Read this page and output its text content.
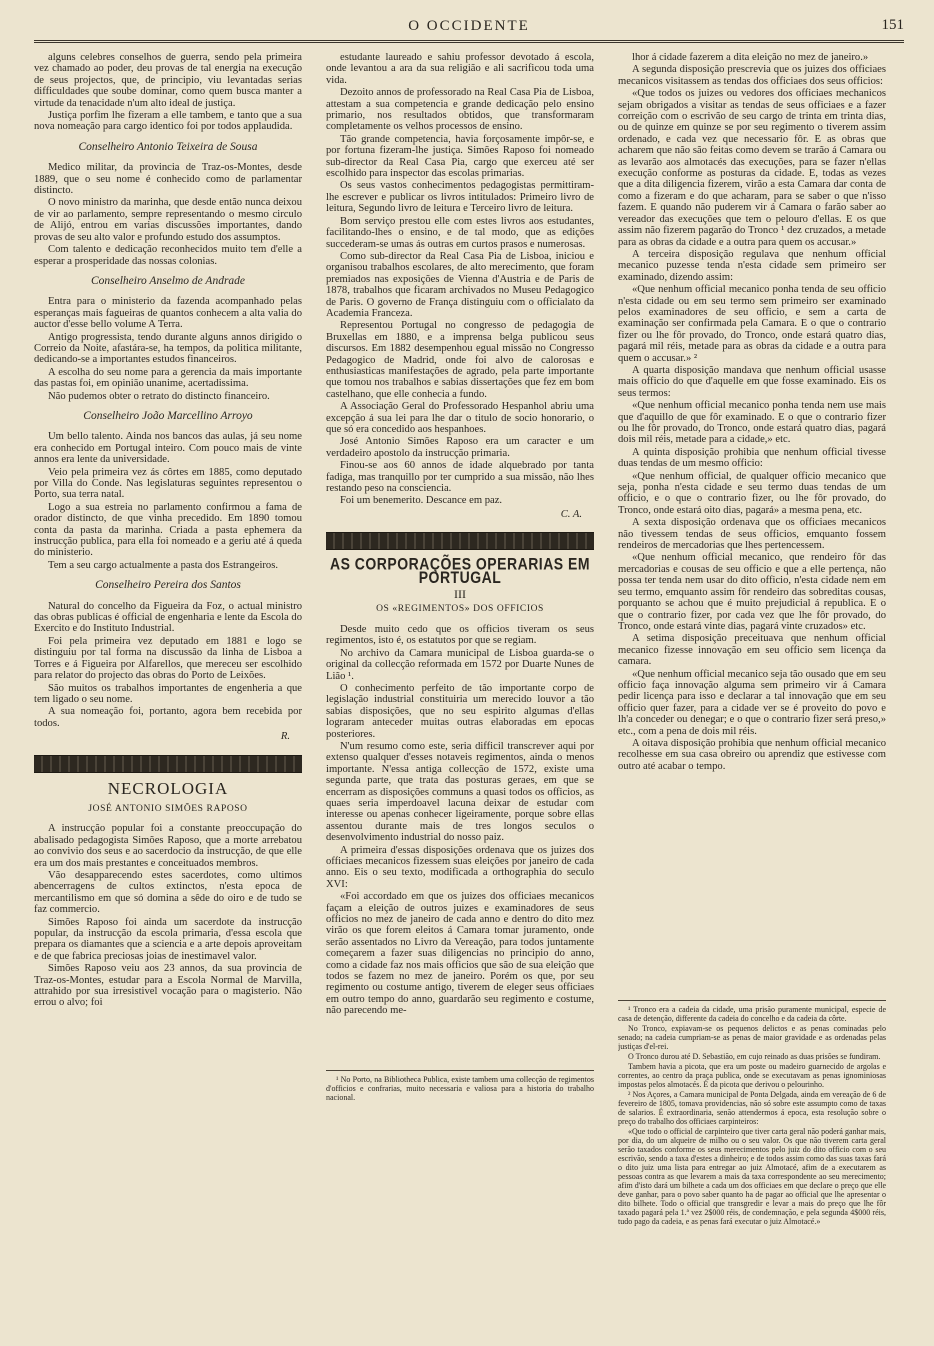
O OCCIDENTE	151

alguns celebres conselhos de guerra, sendo pela primeira vez chamado ao poder, deu provas de tal energia na execução de seus projectos, que, de principio, viu levantadas serias difficuldades que soube dominar, como quem busca manter a virtude da tenacidade n'um alto ideal de justiça.

Justiça porfim lhe fizeram a elle tambem, e tanto que a sua nova nomeação para cargo identico foi por todos applaudida.

Conselheiro Antonio Teixeira de Sousa

Medico militar, da provincia de Traz-os-Montes, desde 1889, que o seu nome é conhecido como de parlamentar distincto.

O novo ministro da marinha, que desde então nunca deixou de vir ao parlamento, sempre representando o mesmo circulo de Alijó, entrou em varias discussões importantes, dando provas de seu alto valor e profundo estudo dos assumptos.

Com talento e dedicação reconhecidos muito tem d'elle a esperar a prosperidade das nossas colonias.

Conselheiro Anselmo de Andrade

Entra para o ministerio da fazenda acompanhado pelas esperanças mais fagueiras de quantos conhecem a alta valia do auctor d'esse bello volume A Terra.

Antigo progressista, tendo durante alguns annos dirigido o Correio da Noite, afastára-se, ha tempos, da politica militante, dedicando-se a importantes estudos financeiros.

A escolha do seu nome para a gerencia da mais importante das pastas foi, em opinião unanime, acertadissima.

Não pudemos obter o retrato do distincto financeiro.

Conselheiro João Marcellino Arroyo

Um bello talento. Ainda nos bancos das aulas, já seu nome era conhecido em Portugal inteiro. Com pouco mais de vinte annos era lente da universidade.

Veio pela primeira vez ás côrtes em 1885, como deputado por Villa do Conde. Nas legislaturas seguintes representou o Porto, sua terra natal.

Logo a sua estreia no parlamento confirmou a fama de orador distincto, de que vinha precedido. Em 1890 tomou conta da pasta da marinha. Criada a pasta ephemera da instrucção publica, para ella foi nomeado e a geriu até á queda do ministerio.

Tem a seu cargo actualmente a pasta dos Estrangeiros.

Conselheiro Pereira dos Santos

Natural do concelho da Figueira da Foz, o actual ministro das obras publicas é official de engenharia e lente da Escola do Exercito e do Instituto Industrial.

Foi pela primeira vez deputado em 1881 e logo se distinguiu por tal forma na discussão da linha de Lisboa a Torres e á Figueira por Alfarellos, que mereceu ser escolhido para relator do projecto das obras do Porto de Leixões.

São muitos os trabalhos importantes de engenheria a que tem ligado o seu nome.

A sua nomeação foi, portanto, agora bem recebida por todos.

R.
NECROLOGIA
JOSÉ ANTONIO SIMÕES RAPOSO

A instrucção popular foi a constante preoccupação do abalisado pedagogista Simões Raposo, que a morte arrebatou ao convivio dos seus e ao sacerdocio da instrucção, de que elle era um dos mais prestantes e conceituados membros.

Vão desapparecendo estes sacerdotes, como ultimos abencerragens de cultos extinctos, n'esta epoca de mercantilismo em que só domina a sêde do oiro e de tudo se faz commercio.

Simões Raposo foi ainda um sacerdote da instrucção popular, da instrucção da escola primaria, d'essa escola que prepara os diamantes que a sciencia e a arte depois aproveitam e de que fabrica preciosas joias de inestimavel valor.

Simões Raposo veiu aos 23 annos, da sua provincia de Traz-os-Montes, estudar para a Escola Normal de Marvilla, attrahido por sua irresistivel vocação para o magisterio. Não errou o alvo; foi

estudante laureado e sahiu professor devotado á escola, onde levantou a ara da sua religião e ali sacrificou toda uma vida.

Dezoito annos de professorado na Real Casa Pia de Lisboa, attestam a sua competencia e grande dedicação pelo ensino primario, nos resultados obtidos, que transformaram completamente os velhos processos de ensino.

Tão grande competencia, havia forçosamente impôr-se, e por fortuna fizeram-lhe justiça. Simões Raposo foi nomeado sub-director da Real Casa Pia, cargo que exerceu até ser escolhido para inspector das escolas primarias.

Os seus vastos conhecimentos pedagogistas permittiram-lhe escrever e publicar os livros intitulados: Primeiro livro de leitura, Segundo livro de leitura e Terceiro livro de leitura.

Bom serviço prestou elle com estes livros aos estudantes, facilitando-lhes o ensino, e de tal modo, que as edições succederam-se umas ás outras em curtos prasos e numerosas.

Como sub-director da Real Casa Pia de Lisboa, iniciou e organisou trabalhos escolares, de alto merecimento, que foram premiados nas exposições de Vienna d'Austria e de Paris de 1878, trabalhos que ficaram archivados no Museu Pedagogico de Paris. O governo de França distinguiu com o officialato da Academia Franceza.

Representou Portugal no congresso de pedagogia de Bruxellas em 1880, e a imprensa belga publicou seus discursos. Em 1882 desempenhou egual missão no Congresso Pedagogico de Madrid, onde foi alvo de calorosas e enthusiasticas manifestações de agrado, pela parte importante que tomou nos trabalhos e sabias dissertações que fez em bom castelhano, que elle conhecia a fundo.

A Associação Geral do Professorado Hespanhol abriu uma excepção á sua lei para lhe dar o titulo de socio honorario, o que só era concedido aos hespanhoes.

José Antonio Simões Raposo era um caracter e um verdadeiro apostolo da instrucção primaria.

Finou-se aos 60 annos de idade alquebrado por tanta fadiga, mas tranquillo por ter cumprido a sua missão, não lhes restando peso na consciencia.

Foi um benemerito. Descance em paz.

C. A.
AS CORPORAÇÕES OPERARIAS EM PORTUGAL
III
OS «REGIMENTOS» DOS OFFICIOS

Desde muito cedo que os officios tiveram os seus regimentos, isto é, os estatutos por que se regiam.

No archivo da Camara municipal de Lisboa guarda-se o original da collecção reformada em 1572 por Duarte Nunes de Lião ¹.

O conhecimento perfeito de tão importante corpo de legislação industrial constituiria um merecido louvor a tão sabias disposições, que no seu espirito algumas d'ellas lograram anteceder muitas outras elaboradas em epocas posteriores.

N'um resumo como este, seria difficil transcrever aqui por extenso qualquer d'esses notaveis regimentos, ainda o menos importante. N'essa antiga collecção de 1572, existe uma segunda parte, que trata das posturas geraes, em que se encerram as disposições communs a quasi todos os officios, as quaes seria imperdoavel lacuna deixar de estudar com interesse ou apenas conhecer ligeiramente, porque sobre ellas assentou durante mais de tres longos seculos o desenvolvimento industrial do nosso paiz.

A primeira d'essas disposições ordenava que os juizes dos officiaes mecanicos fizessem suas eleições por janeiro de cada anno. Eis o seu texto, modificada a orthographia do seculo XVI:

«Foi accordado em que os juizes dos officiaes mecanicos façam a eleição de outros juizes e examinadores de seus officios no mez de janeiro de cada anno e dentro do dito mez virão os que forem eleitos á Camara tomar juramento, onde serão assentados no Livro da Vereação, para todos juntamente começarem a fazer suas diligencias no principio do anno, como a cidade faz nos mais officios que são de sua eleição que todos se fazem no mez de janeiro. Porém os que, por seu regimento ou costume antigo, tiverem de eleger seus officiaes em outro tempo do anno, guardarão seu regimento e costume, não parecendo me-

¹ No Porto, na Bibliotheca Publica, existe tambem uma collecção de regimentos d'officios e confrarias, muito necessaria e valiosa para a historia do trabalho nacional.

lhor á cidade fazerem a dita eleição no mez de janeiro.»

A segunda disposição prescrevia que os juizes dos officiaes mecanicos visitassem as tendas dos officiaes dos seus officios:

«Que todos os juizes ou vedores dos officiaes mechanicos sejam obrigados a visitar as tendas de seus officiaes e a fazer correição com o escrivão de seu cargo de trinta em trinta dias, ou de quinze em quinze se por seu regimento o tiverem assim ordenado, e cada vez que necessario fôr. E as obras que acharem que não são feitas como devem se trarão á Camara ou as levarão aos almotacés das execuções, para se fazer n'ellas execução conforme as posturas da cidade. E, todas as vezes que a dita diligencia fizerem, virão a esta Camara dar conta de como a fizeram e do que acharam, para se saber o que n'isso fazem. E quando não puderem vir á Camara o farão saber ao vereador das execuções que tem o pelouro d'ellas. E os que assim não fizerem pagarão do Tronco ¹ dez cruzados, a metade para as obras da cidade e a outra para quem os accusar.»

A terceira disposição regulava que nenhum official mecanico puzesse tenda n'esta cidade sem primeiro ser examinado, dizendo assim:

«Que nenhum official mecanico ponha tenda de seu officio n'esta cidade ou em seu termo sem primeiro ser examinado pelos examinadores de seu officio, e sem a carta de examinação ser confirmada pela Camara. E o que o contrario fizer ou lhe fôr provado, do Tronco, onde estará quatro dias, pagará mil réis, metade para as obras da cidade e a outra para quem o accusar.» ²

A quarta disposição mandava que nenhum official usasse mais officio do que d'aquelle em que fosse examinado. Eis os seus termos:

«Que nenhum official mecanico ponha tenda nem use mais que d'aquillo de que fôr examinado. E o que o contrario fizer ou lhe fôr provado, do Tronco, onde estará quatro dias, pagará dois mil réis, metade para a cidade,» etc.

A quinta disposição prohibia que nenhum official tivesse duas tendas de um mesmo officio:

«Que nenhum official, de qualquer officio mecanico que seja, ponha n'esta cidade e seu termo duas tendas de um officio, e o que o contrario fizer, ou lhe fôr provado, do Tronco, onde estará oito dias, pagará» a mesma pena, etc.

A sexta disposição ordenava que os officiaes mecanicos não tivessem tendas de seus officios, emquanto fossem rendeiros de mercadorias que lhes pertencessem.

«Que nenhum official mecanico, que rendeiro fôr das mercadorias e cousas de seu officio e que a elle pertença, não possa ter tenda nem usar do dito officio, n'esta cidade nem em seu termo, emquanto assim fôr rendeiro das sobreditas cousas, porquanto se achou que é muito prejudicial á republica. E o que o contrario fizer, por cada vez que lhe fôr provado, do Tronco, onde estará vinte dias, pagará vinte cruzados» etc.

A setima disposição preceituava que nenhum official mecanico fizesse innovação em seu officio sem licença da camara.

«Que nenhum official mecanico seja tão ousado que em seu officio faça innovação alguma sem primeiro vir á Camara pedir licença para isso e declarar a tal innovação que em seu officio quer fazer, para a cidade ver se é proveito do povo e lh'a conceder ou denegar; e o que o contrario fizer será preso,» etc., com a pena de dois mil réis.

A oitava disposição prohibia que nenhum official mecanico recolhesse em sua casa obreiro ou aprendiz que estivesse com outro até acabar o tempo.

¹ Tronco era a cadeia da cidade, uma prisão puramente municipal, especie de casa de detenção, differente da cadeia do concelho e da cadeia da côrte.

No Tronco, expiavam-se os pequenos delictos e as penas cominadas pelo senado; na cadeia cumpriam-se as penas de maior gravidade e as ordenadas pelas justiças d'el-rei.

O Tronco durou até D. Sebastião, em cujo reinado as duas prisões se fundiram.

Tambem havia a picota, que era um poste ou madeiro guarnecido de argolas e correntes, ao centro da praça publica, onde se executavam as penas ignominiosas impostas pelos almotacés. É da picota que derivou o pelourinho.

² Nos Açores, a Camara municipal de Ponta Delgada, ainda em vereação de 6 de fevereiro de 1805, tomava providencias, não só sobre este assumpto como de taxas de salarios. É extraordinaria, senão attendermos á epoca, esta resolução sobre o preço do trabalho dos officiaes carpinteiros:

«Que todo o official de carpinteiro que tiver carta geral não poderá ganhar mais, por dia, do um alqueire de milho ou o seu valor. Os que não tiverem carta geral serão taxados conforme os seus merecimentos pelo juiz do dito officio com o seu escrivão, sendo a taxa d'estes a dinheiro; e de todos assim como das suas taxas fará o dito juiz uma lista para entregar ao juiz Almotacé, afim de a executarem as pessoas contra as que levarem a mais da taxa correspondente ao seu merecimento; afim d'isto dará um bilhete a cada um dos officiaes em que declare o preço que elle deve ganhar, para o povo saber quanto ha de pagar ao official que lhe apresentar o dito bilhete. Todo o official que transgredir e levar a mais do preço que lhe fôr taxado pagará pela 1.ª vez 2$000 réis, de condemnação, e pela segunda 4$000 réis, tudo pago da cadeia, e as penas fará executar o juiz Almotacé.»
